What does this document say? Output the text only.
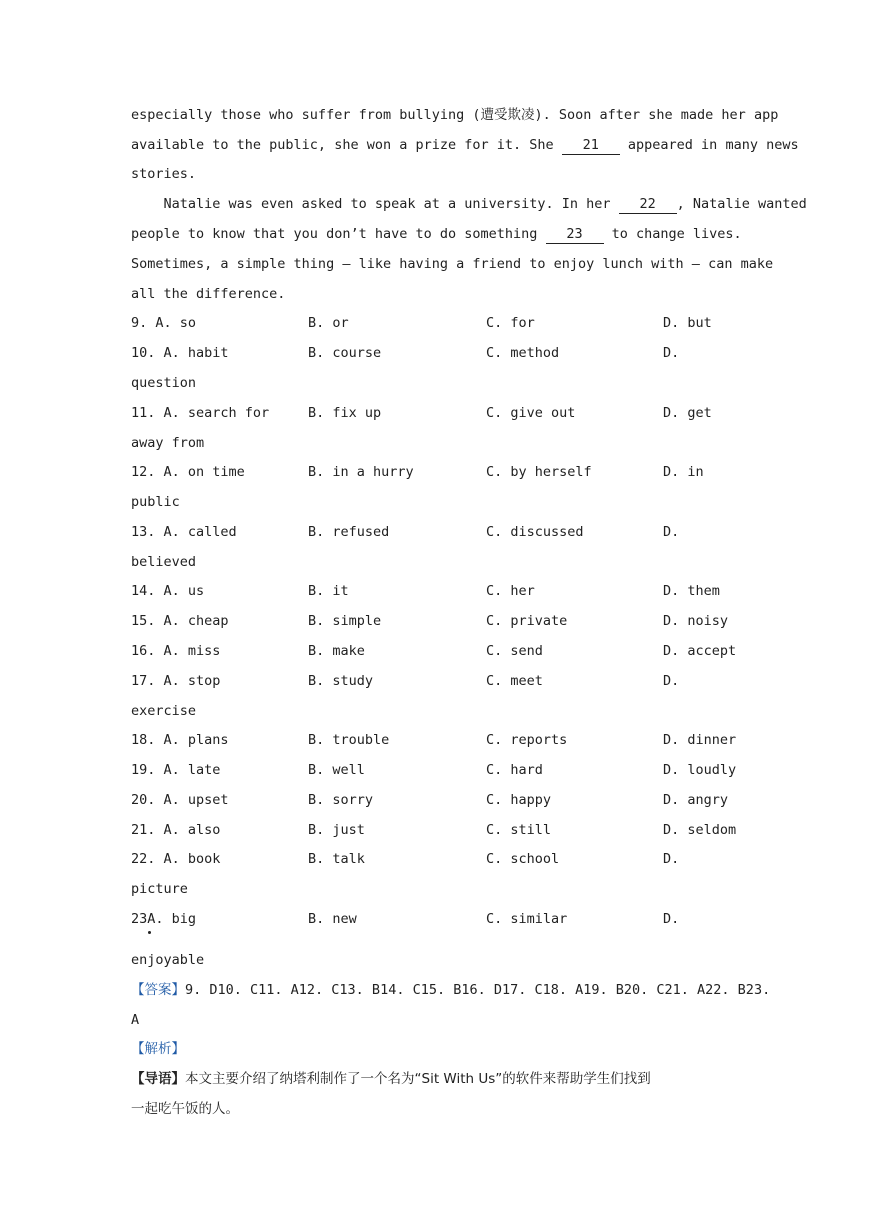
especially those who suffer from bullying (遭受欺凌). Soon after she made her app
available to the public, she won a prize for it. She 21 appeared in many news
stories.
Natalie was even asked to speak at a university. In her 22 , Natalie wanted
people to know that you don’t have to do something 23 to change lives.
Sometimes, a simple thing — like having a friend to enjoy lunch with — can make
all the difference.
9. A. so	B. or	C. for	D. but
10. A. habit	B. course	C. method	D.
question
11. A. search for	B. fix up	C. give out	D. get
away from
12. A. on time	B. in a hurry	C. by herself	D. in
public
13. A. called	B. refused	C. discussed	D.
believed
14. A. us	B. it	C. her	D. them
15. A. cheap	B. simple	C. private	D. noisy
16. A. miss	B. make	C. send	D. accept
17. A. stop	B. study	C. meet	D.
exercise
18. A. plans	B. trouble	C. reports	D. dinner
19. A. late	B. well	C. hard	D. loudly
20. A. upset	B. sorry	C. happy	D. angry
21. A. also	B. just	C. still	D. seldom
22. A. book	B. talk	C. school	D.
picture
23A. big	B. new	C. similar	D.
enjoyable
【答案】9. D10. C11. A12. C13. B14. C15. B16. D17. C18. A19. B20. C21. A22. B23.
A
【解析】
【导语】本文主要介绍了纳塔利制作了一个名为“Sit With Us”的软件来帮助学生们找到
一起吃午饭的人。
